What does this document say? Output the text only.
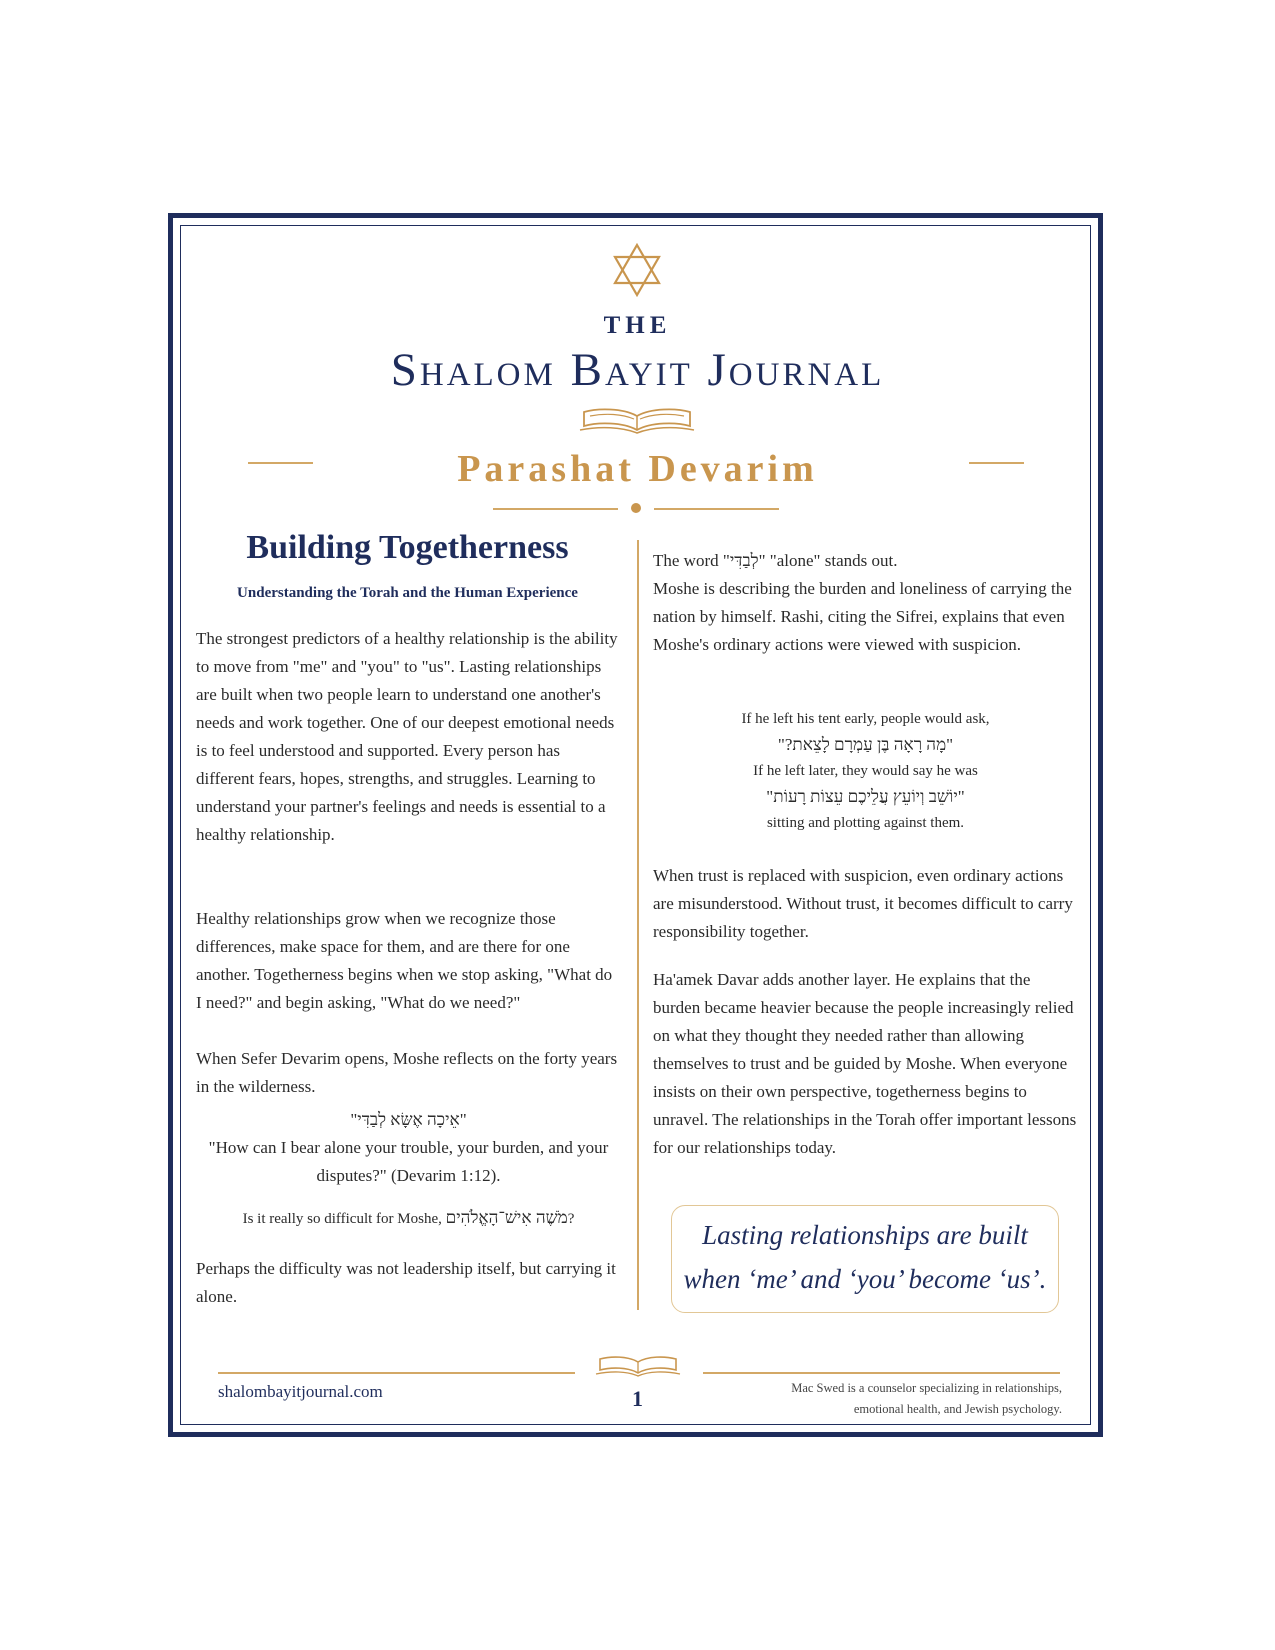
THE
Shalom Bayit Journal
Parashat Devarim
Building Togetherness
Understanding the Torah and the Human Experience

The strongest predictors of a healthy relationship is the ability to move from "me" and "you" to "us". Lasting relationships are built when two people learn to understand one another's needs and work together. One of our deepest emotional needs is to feel understood and supported. Every person has different fears, hopes, strengths, and struggles. Learning to understand your partner's feelings and needs is essential to a healthy relationship.

Healthy relationships grow when we recognize those differences, make space for them, and are there for one another. Togetherness begins when we stop asking, "What do I need?" and begin asking, "What do we need?"

When Sefer Devarim opens, Moshe reflects on the forty years in the wilderness.

"אֵיכָה אֶשָּׂא לְבַדִּי"

"How can I bear alone your trouble, your burden, and your disputes?" (Devarim 1:12).

Is it really so difficult for Moshe, מֹשֶׁה אִישׁ־הָאֱלֹהִים?

Perhaps the difficulty was not leadership itself, but carrying it alone.

The word "לְבַדִּי" "alone" stands out.

Moshe is describing the burden and loneliness of carrying the nation by himself. Rashi, citing the Sifrei, explains that even Moshe's ordinary actions were viewed with suspicion.

If he left his tent early, people would ask,

"מָה רָאָה בֶּן עַמְרָם לָצֵאת?"

If he left later, they would say he was

"יוֹשֵׁב וְיוֹעֵץ עֲלֵיכֶם עֵצוֹת רָעוֹת"

sitting and plotting against them.

When trust is replaced with suspicion, even ordinary actions are misunderstood. Without trust, it becomes difficult to carry responsibility together.

Ha'amek Davar adds another layer. He explains that the burden became heavier because the people increasingly relied on what they thought they needed rather than allowing themselves to trust and be guided by Moshe. When everyone insists on their own perspective, togetherness begins to unravel. The relationships in the Torah offer important lessons for our relationships today.

Lasting relationships are built
when ‘me’ and ‘you’ become ‘us’.
shalombayitjournal.com	1	Mac Swed is a counselor specializing in relationships,
emotional health, and Jewish psychology.
